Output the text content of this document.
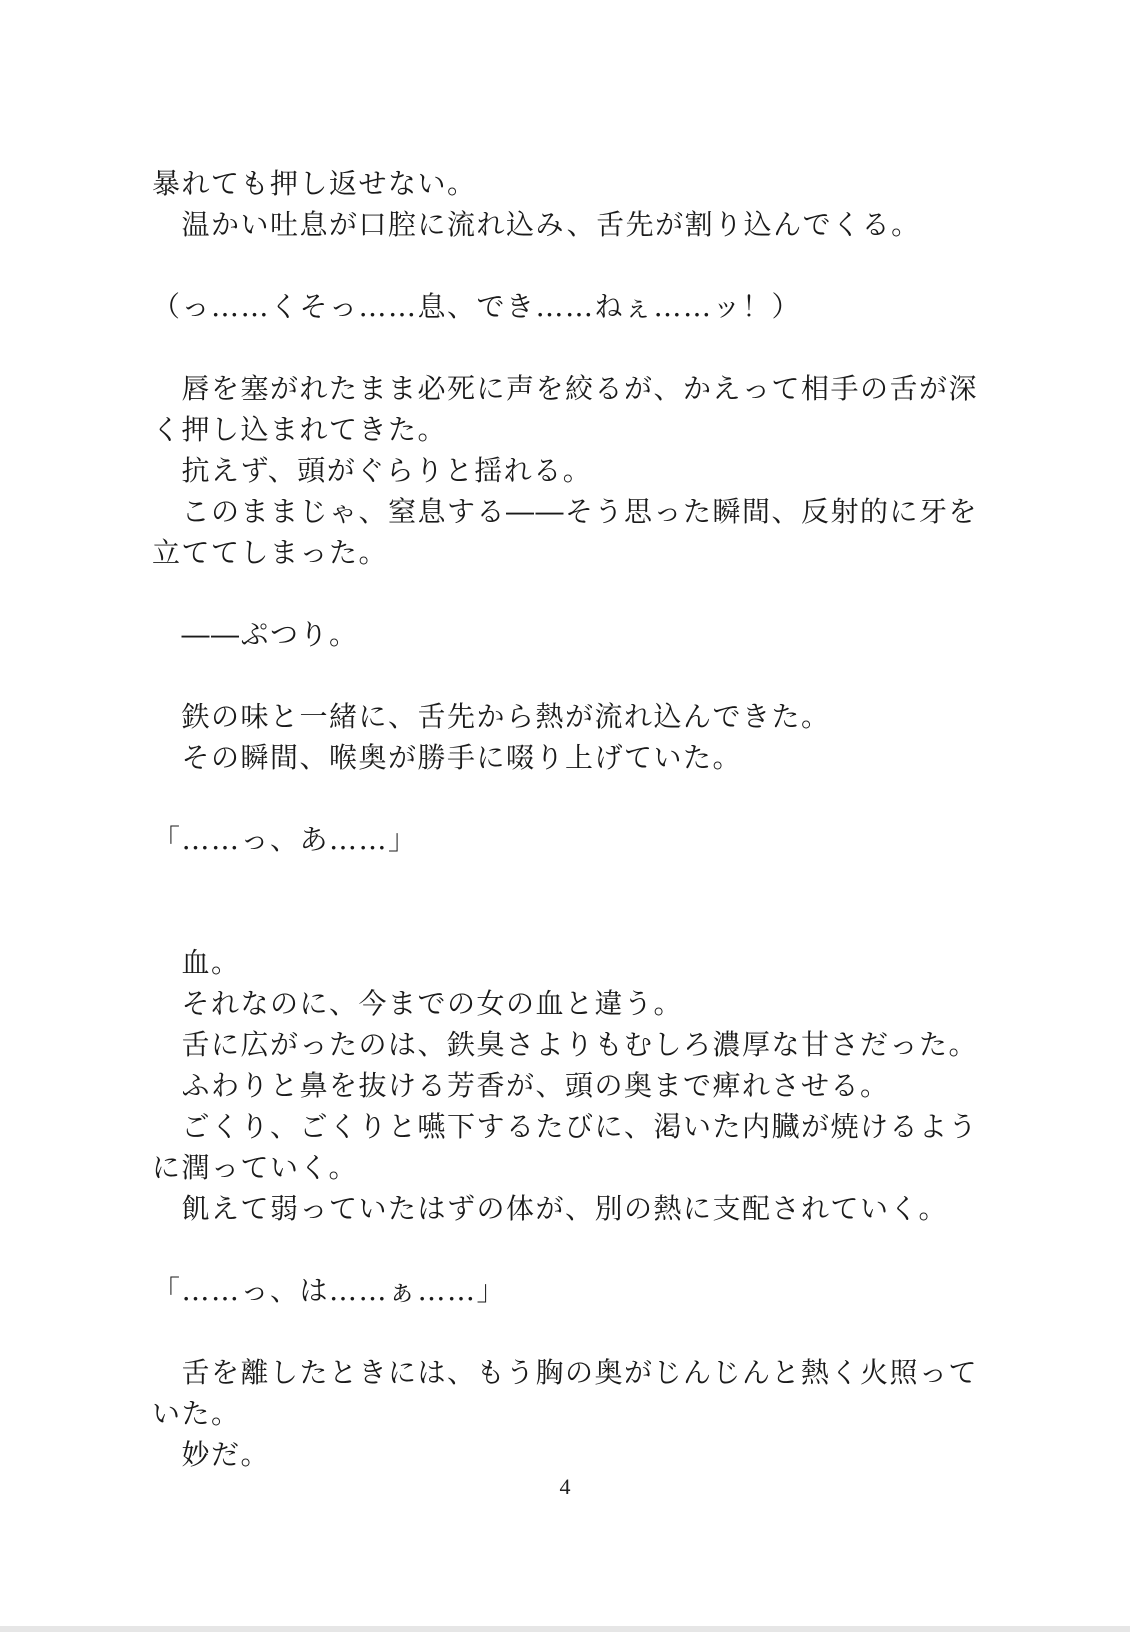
暴れても押し返せない。
　温かい吐息が口腔に流れ込み、舌先が割り込んでくる。
（っ……くそっ……息、でき……ねぇ……ッ！）
　唇を塞がれたまま必死に声を絞るが、かえって相手の舌が深
く押し込まれてきた。
　抗えず、頭がぐらりと揺れる。
　このままじゃ、窒息する――そう思った瞬間、反射的に牙を
立ててしまった。
　――ぷつり。
　鉄の味と一緒に、舌先から熱が流れ込んできた。
　その瞬間、喉奥が勝手に啜り上げていた。
「……っ、あ……」
　血。
　それなのに、今までの女の血と違う。
　舌に広がったのは、鉄臭さよりもむしろ濃厚な甘さだった。
　ふわりと鼻を抜ける芳香が、頭の奥まで痺れさせる。
　ごくり、ごくりと嚥下するたびに、渇いた内臓が焼けるよう
に潤っていく。
　飢えて弱っていたはずの体が、別の熱に支配されていく。
「……っ、は……ぁ……」
　舌を離したときには、もう胸の奥がじんじんと熱く火照って
いた。
　妙だ。
4
